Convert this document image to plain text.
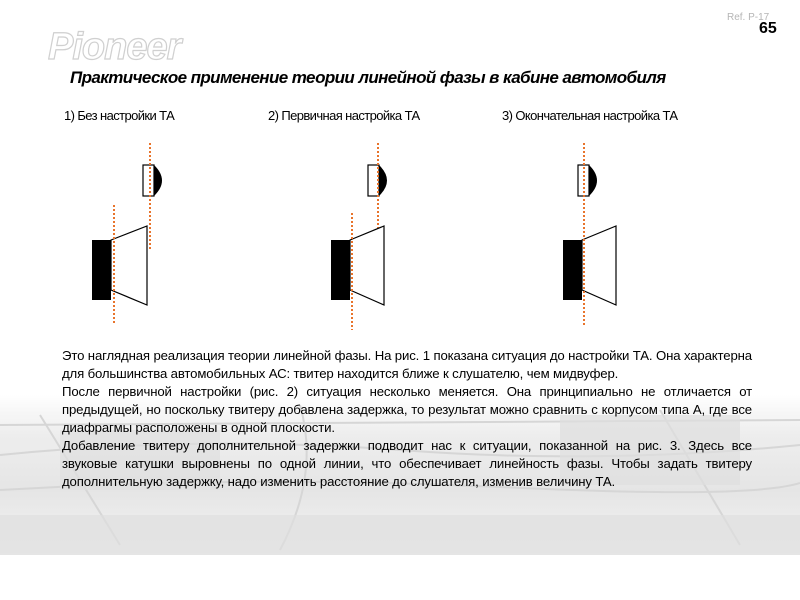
Pioneer
Ref. P-17
65
Практическое применение теории линейной фазы в кабине автомобиля
1) Без настройки ТА	2) Первичная настройка ТА	3) Окончательная настройка ТА

Это наглядная реализация теории линейной фазы. На рис. 1 показана ситуация до настройки ТА. Она характерна для большинства автомобильных АС: твитер находится ближе к слушателю, чем мидвуфер.

После первичной настройки (рис. 2) ситуация несколько меняется. Она принципиально не отличается от предыдущей, но поскольку твитеру добавлена задержка, то результат можно сравнить с корпусом типа А, где все диафрагмы расположены в одной плоскости.

Добавление твитеру дополнительной задержки подводит нас к ситуации, показанной на рис. 3. Здесь все звуковые катушки выровнены по одной линии, что обеспечивает линейность фазы. Чтобы задать твитеру дополнительную задержку, надо изменить расстояние до слушателя, изменив величину ТА.
